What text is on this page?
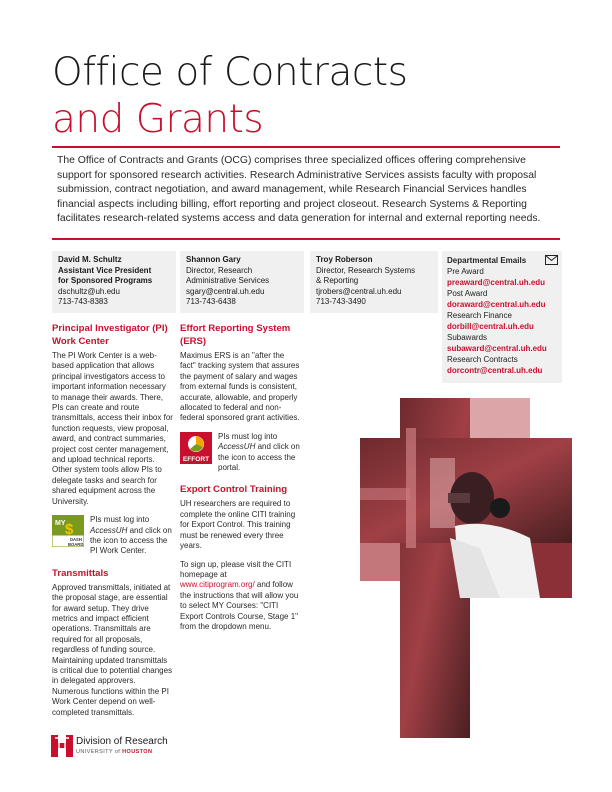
Office of Contracts
and Grants
The Office of Contracts and Grants (OCG) comprises three specialized offices offering comprehensive support for sponsored research activities. Research Administrative Services assists faculty with proposal submission, contract negotiation, and award management, while Research Financial Services handles financial aspects including billing, effort reporting and project closeout. Research Systems & Reporting facilitates research-related systems access and data generation for internal and external reporting needs.
David M. Schultz
Assistant Vice President
for Sponsored Programs
dschultz@uh.edu
713-743-8383
Shannon Gary
Director, Research
Administrative Services
sgary@central.uh.edu
713-743-6438
Troy Roberson
Director, Research Systems
& Reporting
tjrobers@central.uh.edu
713-743-3490
Departmental Emails
Pre Award
preaward@central.uh.edu
Post Award
doraward@central.uh.edu
Research Finance
dorbill@central.uh.edu
Subawards
subaward@central.uh.edu
Research Contracts
dorcontr@central.uh.edu
Principal Investigator (PI) Work Center
The PI Work Center is a web-based application that allows principal investigators access to important information necessary to manage their awards. There, PIs can create and route transmittals, access their inbox for function requests, view proposal, award, and contract summaries, project cost center management, and upload technical reports. Other system tools allow PIs to delegate tasks and search for shared equipment across the University.
MY $
DASH
BOARD
PIs must log into AccessUH and click on the icon to access the PI Work Center.
Transmittals
Approved transmittals, initiated at the proposal stage, are essential for award setup. They drive metrics and impact efficient operations. Transmittals are required for all proposals, regardless of funding source. Maintaining updated transmittals is critical due to potential changes in delegated approvers. Numerous functions within the PI Work Center depend on well-completed transmittals.
Effort Reporting System (ERS)
Maximus ERS is an "after the fact" tracking system that assures the payment of salary and wages from external funds is consistent, accurate, allowable, and properly allocated to federal and non-federal sponsored grant activities.
EFFORT
PIs must log into AccessUH and click on the icon to access the portal.
Export Control Training
UH researchers are required to complete the online CITI training for Export Control. This training must be renewed every three years.
To sign up, please visit the CITI homepage at www.citiprogram.org/ and follow the instructions that will allow you to select MY Courses: "CITI Export Controls Course, Stage 1" from the dropdown menu.
Division of Research
UNIVERSITY of HOUSTON
